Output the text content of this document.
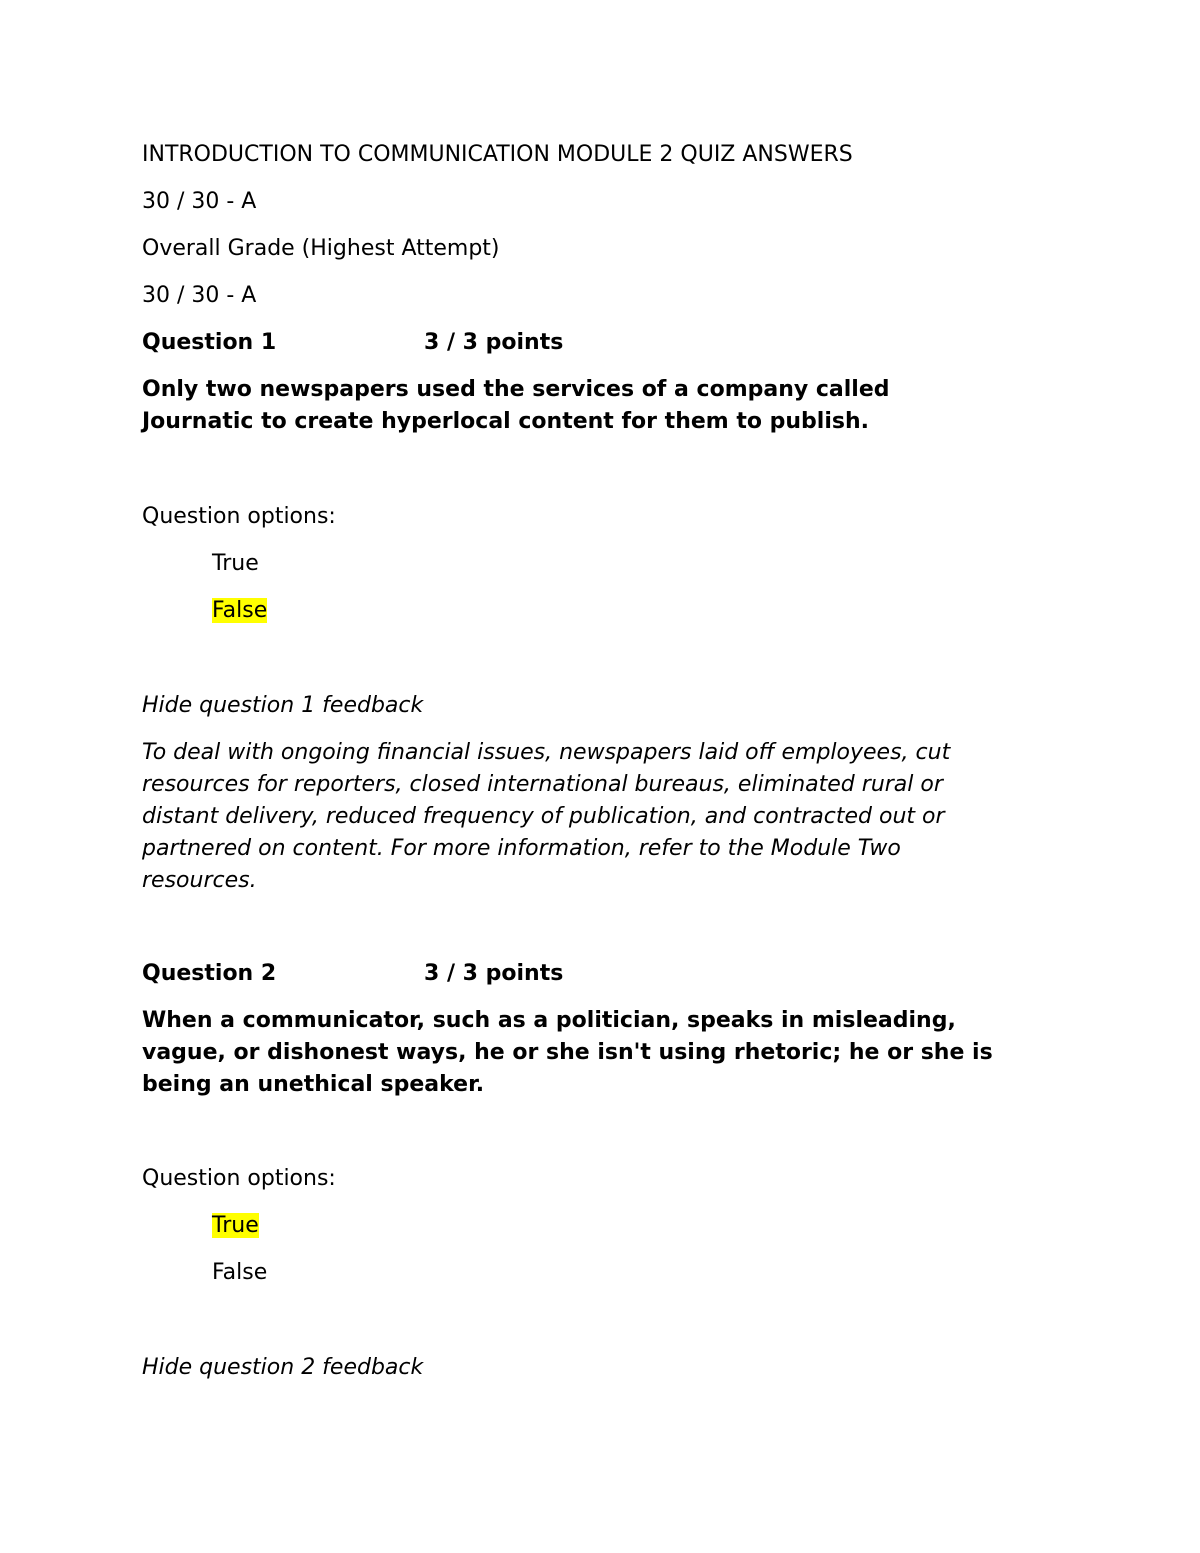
INTRODUCTION TO COMMUNICATION MODULE 2 QUIZ ANSWERS
30 / 30 - A
Overall Grade (Highest Attempt)
30 / 30 - A
Question 1	3 / 3 points
Only two newspapers used the services of a company called
Journatic to create hyperlocal content for them to publish.
Question options:
True
False
Hide question 1 feedback
To deal with ongoing financial issues, newspapers laid off employees, cut
resources for reporters, closed international bureaus, eliminated rural or
distant delivery, reduced frequency of publication, and contracted out or
partnered on content. For more information, refer to the Module Two
resources.
Question 2	3 / 3 points
When a communicator, such as a politician, speaks in misleading,
vague, or dishonest ways, he or she isn't using rhetoric; he or she is
being an unethical speaker.
Question options:
True
False
Hide question 2 feedback
